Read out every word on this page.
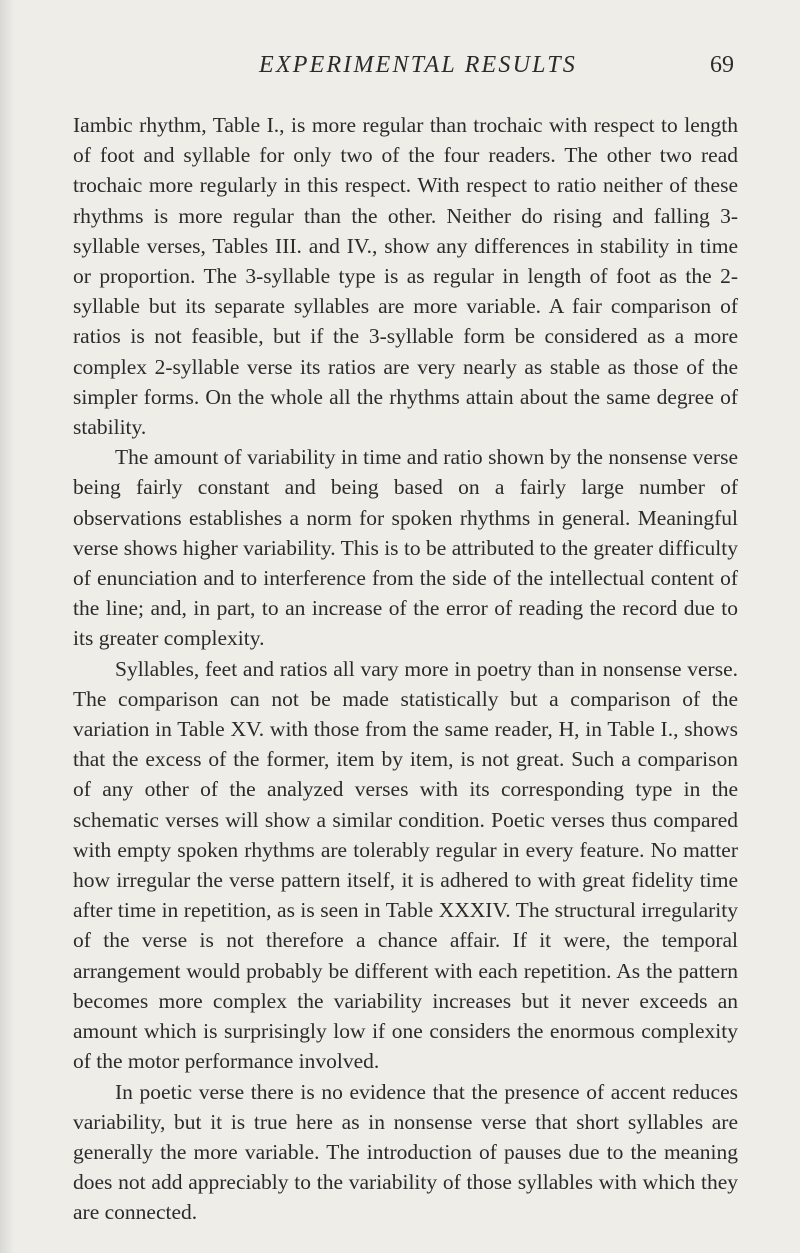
EXPERIMENTAL RESULTS	69

Iambic rhythm, Table I., is more regular than trochaic with respect to length of foot and syllable for only two of the four readers. The other two read trochaic more regularly in this respect. With respect to ratio neither of these rhythms is more regular than the other. Neither do rising and falling 3-syllable verses, Tables III. and IV., show any differences in stability in time or proportion. The 3-syllable type is as regular in length of foot as the 2-syllable but its separate syllables are more variable. A fair comparison of ratios is not feasible, but if the 3-syllable form be considered as a more complex 2-syllable verse its ratios are very nearly as stable as those of the simpler forms. On the whole all the rhythms attain about the same degree of stability.

The amount of variability in time and ratio shown by the nonsense verse being fairly constant and being based on a fairly large number of observations establishes a norm for spoken rhythms in general. Meaningful verse shows higher variability. This is to be attributed to the greater difficulty of enunciation and to interference from the side of the intellectual content of the line; and, in part, to an increase of the error of reading the record due to its greater complexity.

Syllables, feet and ratios all vary more in poetry than in nonsense verse. The comparison can not be made statistically but a comparison of the variation in Table XV. with those from the same reader, H, in Table I., shows that the excess of the former, item by item, is not great. Such a comparison of any other of the analyzed verses with its corresponding type in the schematic verses will show a similar condition. Poetic verses thus compared with empty spoken rhythms are tolerably regular in every feature. No matter how irregular the verse pattern itself, it is adhered to with great fidelity time after time in repetition, as is seen in Table XXXIV. The structural irregularity of the verse is not therefore a chance affair. If it were, the temporal arrangement would probably be different with each repetition. As the pattern becomes more complex the variability increases but it never exceeds an amount which is surprisingly low if one considers the enormous complexity of the motor performance involved.

In poetic verse there is no evidence that the presence of accent reduces variability, but it is true here as in nonsense verse that short syllables are generally the more variable. The introduction of pauses due to the meaning does not add appreciably to the variability of those syllables with which they are connected.
